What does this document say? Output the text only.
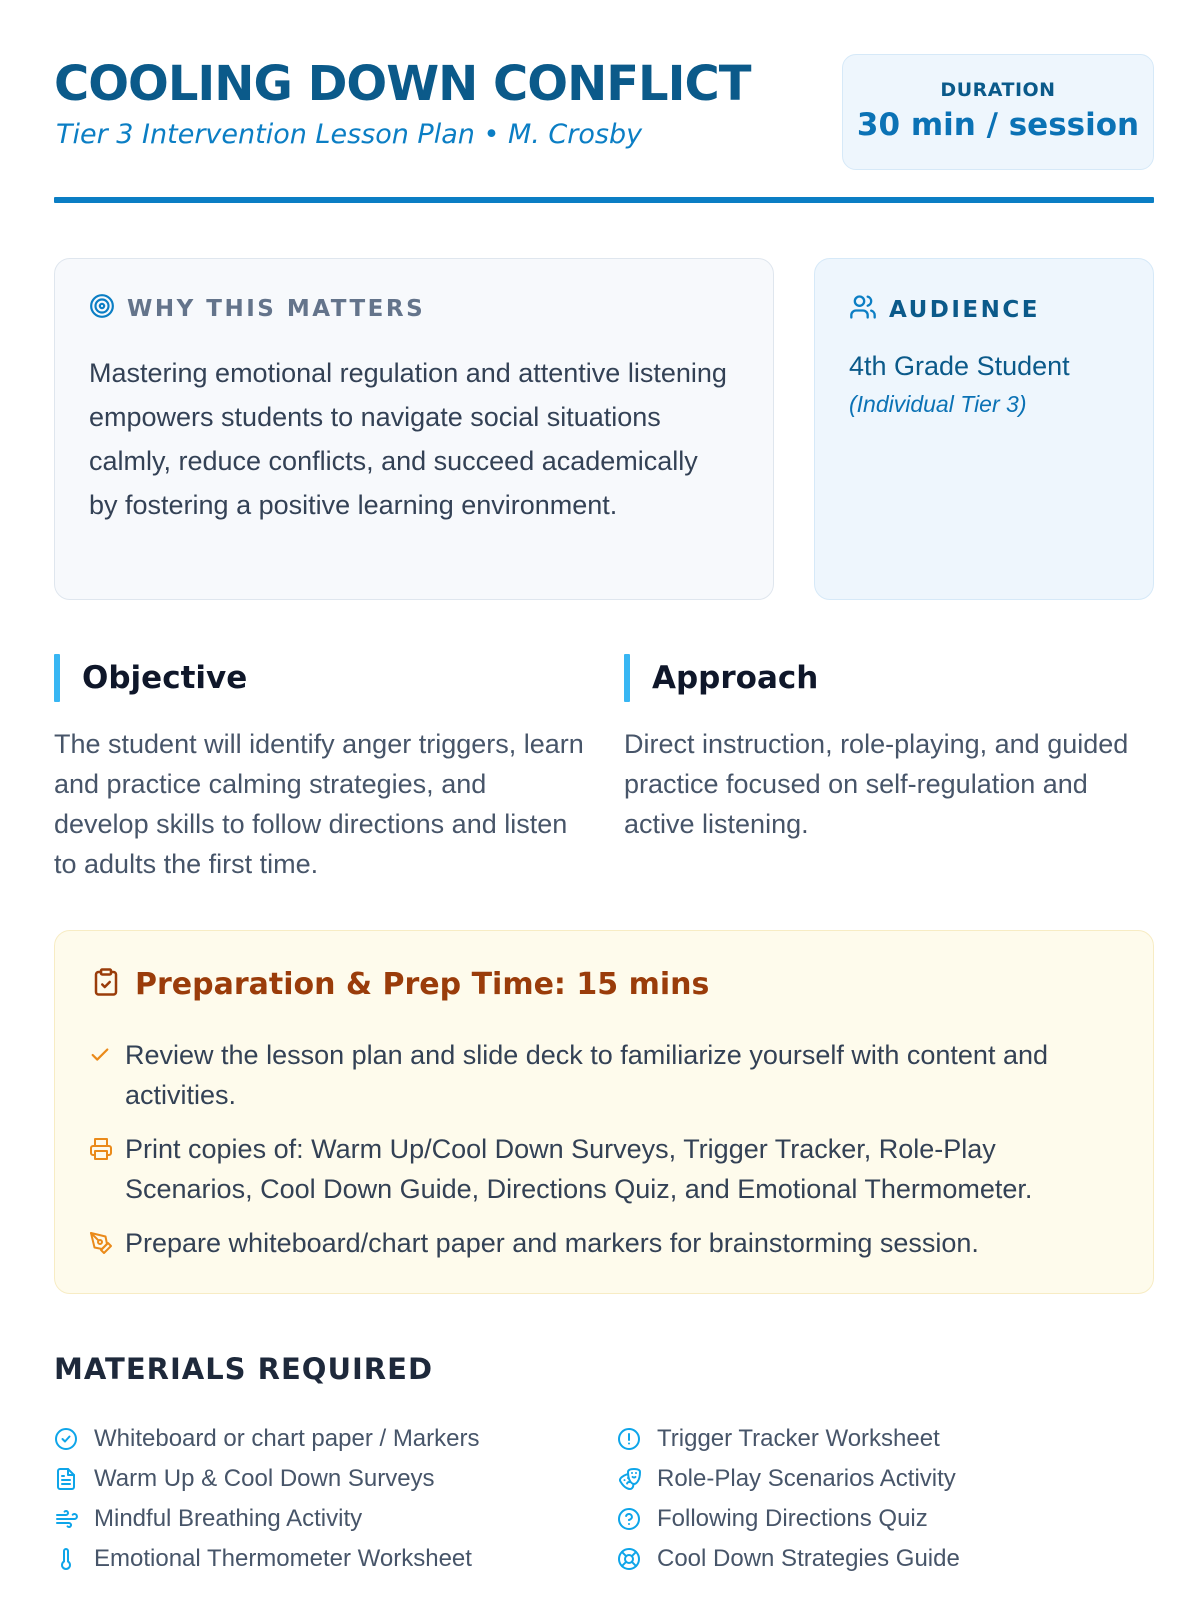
COOLING DOWN CONFLICT
Tier 3 Intervention Lesson Plan • M. Crosby
DURATION
30 min / session
WHY THIS MATTERS

Mastering emotional regulation and attentive listening empowers students to navigate social situations calmly, reduce conflicts, and succeed academically by fostering a positive learning environment.

AUDIENCE
4th Grade Student
(Individual Tier 3)
Objective

The student will identify anger triggers, learn and practice calming strategies, and develop skills to follow directions and listen to adults the first time.

Approach

Direct instruction, role-playing, and guided practice focused on self-regulation and active listening.

Preparation & Prep Time: 15 mins
Review the lesson plan and slide deck to familiarize yourself with content and activities.
Print copies of: Warm Up/Cool Down Surveys, Trigger Tracker, Role-Play Scenarios, Cool Down Guide, Directions Quiz, and Emotional Thermometer.
Prepare whiteboard/chart paper and markers for brainstorming session.
MATERIALS REQUIRED
Whiteboard or chart paper / Markers
Warm Up & Cool Down Surveys
Mindful Breathing Activity
Emotional Thermometer Worksheet
Trigger Tracker Worksheet
Role-Play Scenarios Activity
Following Directions Quiz
Cool Down Strategies Guide
